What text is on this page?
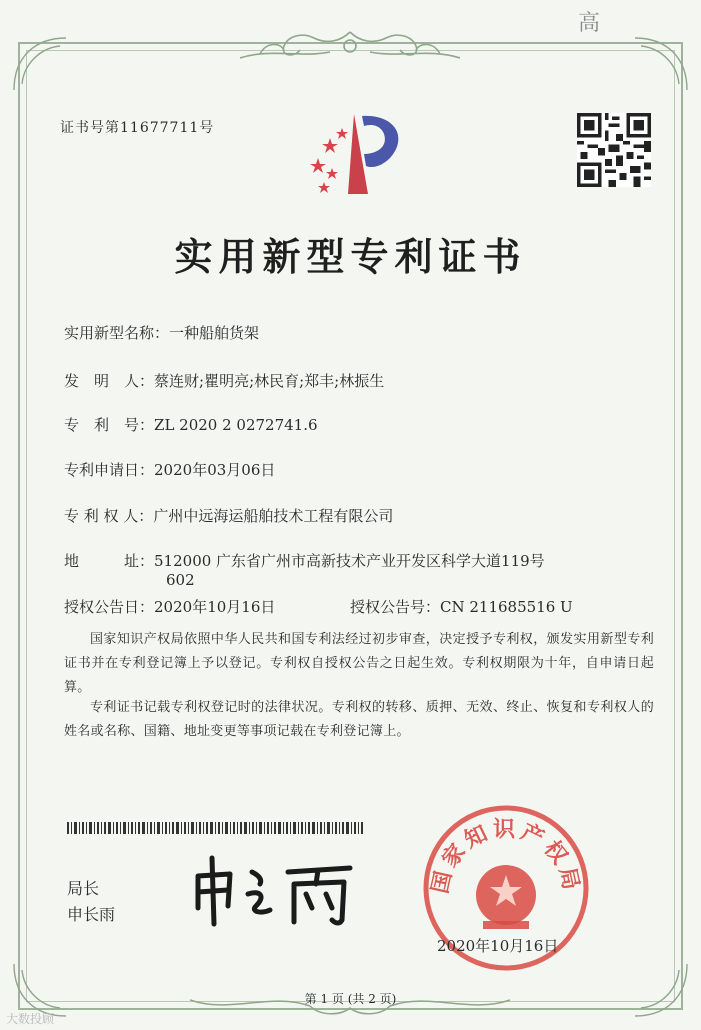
高
证书号第11677711号
实用新型专利证书
实用新型名称：一种船舶货架
发　明　人：蔡连财;瞿明亮;林民育;郑丰;林振生
专　利　号：ZL 2020 2 0272741.6
专利申请日：2020年03月06日
专 利 权 人：广州中远海运船舶技术工程有限公司
地　　　址：512000 广东省广州市高新技术产业开发区科学大道119号
602
授权公告日：2020年10月16日	授权公告号：CN 211685516 U
国家知识产权局依照中华人民共和国专利法经过初步审查，决定授予专利权，颁发实用新型专利证书并在专利登记簿上予以登记。专利权自授权公告之日起生效。专利权期限为十年，自申请日起算。
专利证书记载专利权登记时的法律状况。专利权的转移、质押、无效、终止、恢复和专利权人的姓名或名称、国籍、地址变更等事项记载在专利登记簿上。
局长
申长雨
国家知识产权局
2020年10月16日
第 1 页 (共 2 页)
大数投顾
